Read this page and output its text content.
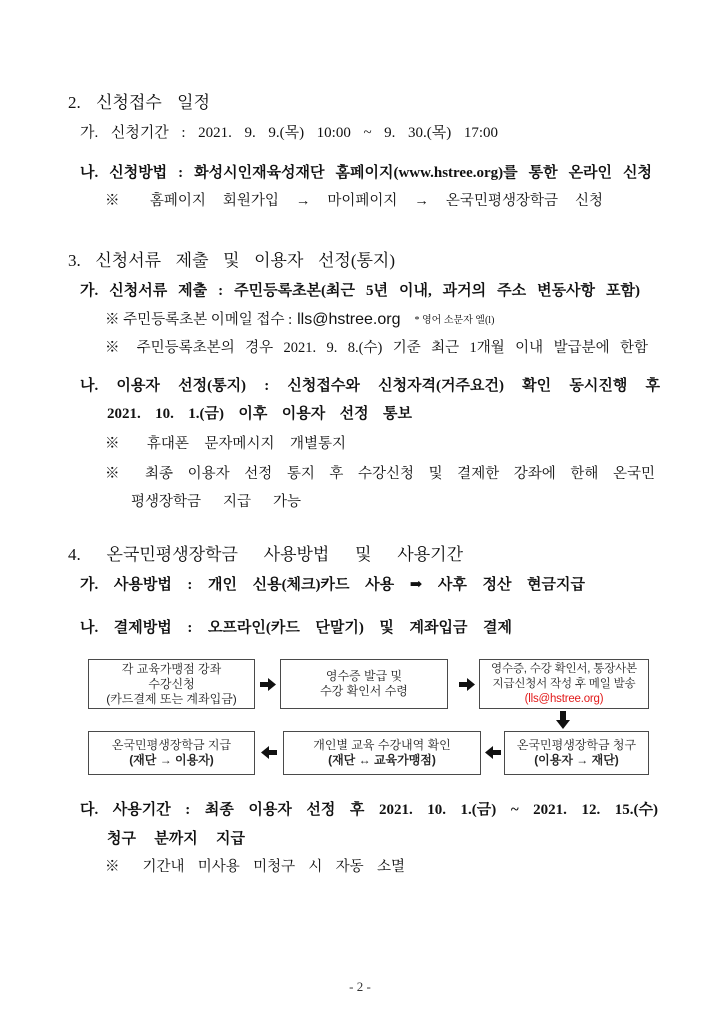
2. 신청접수 일정
가. 신청기간 : 2021. 9. 9.(목) 10:00 ~ 9. 30.(목) 17:00
나. 신청방법 : 화성시인재육성재단 홈페이지(www.hstree.org)를 통한 온라인 신청
※ 홈페이지 회원가입 → 마이페이지 → 온국민평생장학금 신청
3. 신청서류 제출 및 이용자 선정(통지)
가. 신청서류 제출 : 주민등록초본(최근 5년 이내, 과거의 주소 변동사항 포함)
※ 주민등록초본 이메일 접수 : lls@hstree.org * 영어 소문자 엘(l)
※ 주민등록초본의 경우 2021. 9. 8.(수) 기준 최근 1개월 이내 발급분에 한함
나. 이용자 선정(통지) : 신청접수와 신청자격(거주요건) 확인 동시진행 후
2021. 10. 1.(금) 이후 이용자 선정 통보
※ 휴대폰 문자메시지 개별통지
※ 최종 이용자 선정 통지 후 수강신청 및 결제한 강좌에 한해 온국민
평생장학금 지급 가능
4. 온국민평생장학금 사용방법 및 사용기간
가. 사용방법 : 개인 신용(체크)카드 사용 ➡ 사후 정산 현금지급
나. 결제방법 : 오프라인(카드 단말기) 및 계좌입금 결제
각 교육가맹점 강좌
수강신청
(카드결제 또는 계좌입금)
영수증 발급 및
수강 확인서 수령
영수증, 수강 확인서, 통장사본
지급신청서 작성 후 메일 발송
(lls@hstree.org)
온국민평생장학금 지급
(재단 → 이용자)
개인별 교육 수강내역 확인
(재단 ↔ 교육가맹점)
온국민평생장학금 청구
(이용자 → 재단)
다. 사용기간 : 최종 이용자 선정 후 2021. 10. 1.(금) ~ 2021. 12. 15.(수)
청구 분까지 지급
※ 기간내 미사용 미청구 시 자동 소멸
- 2 -
